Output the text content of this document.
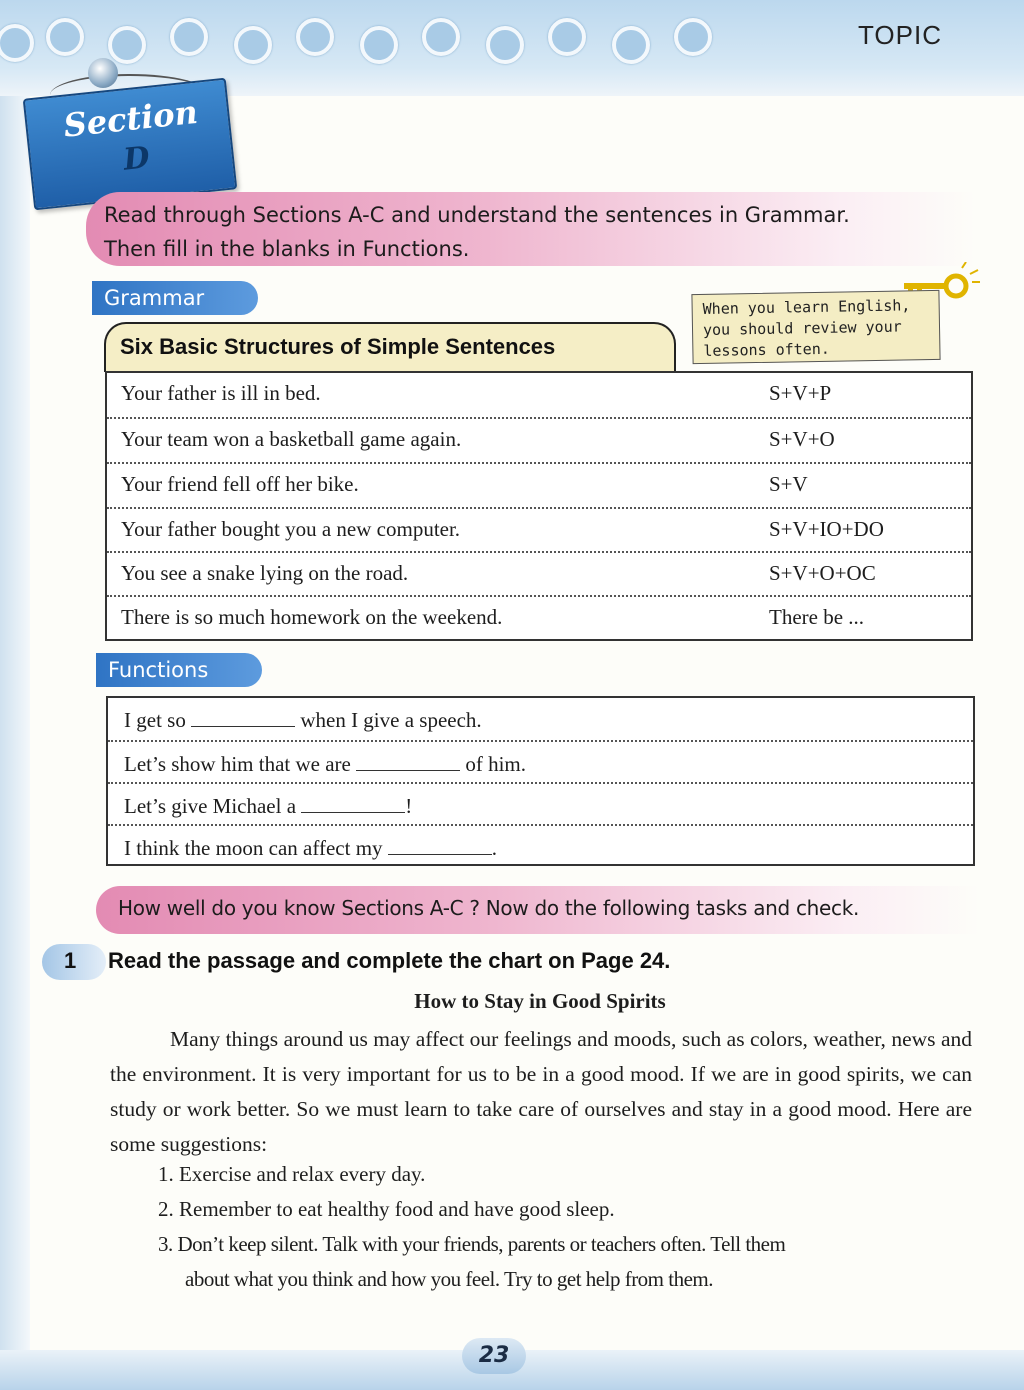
TOPIC
Section
D
Read through Sections A-C and understand the sentences in Grammar.
Then fill in the blanks in Functions.
Grammar
Six Basic Structures of Simple Sentences
When you learn English,
you should review your
lessons often.
Your father is ill in bed.	S+V+P
Your team won a basketball game again.	S+V+O
Your friend fell off her bike.	S+V
Your father bought you a new computer.	S+V+IO+DO
You see a snake lying on the road.	S+V+O+OC
There is so much homework on the weekend.	There be ...
Functions
I get so	when I give a speech.
Let’s show him that we are	of him.
Let’s give Michael a	!
I think the moon can affect my	.
How well do you know Sections A-C ? Now do the following tasks and check.
1 Read the passage and complete the chart on Page 24.
How to Stay in Good Spirits
Many things around us may affect our feelings and moods, such as colors, weather, news and the environment. It is very important for us to be in a good mood. If we are in good spirits, we can study or work better. So we must learn to take care of ourselves and stay in a good mood. Here are some suggestions:
1. Exercise and relax every day.
2. Remember to eat healthy food and have good sleep.
3. Don’t keep silent. Talk with your friends, parents or teachers often. Tell them
about what you think and how you feel. Try to get help from them.
23
